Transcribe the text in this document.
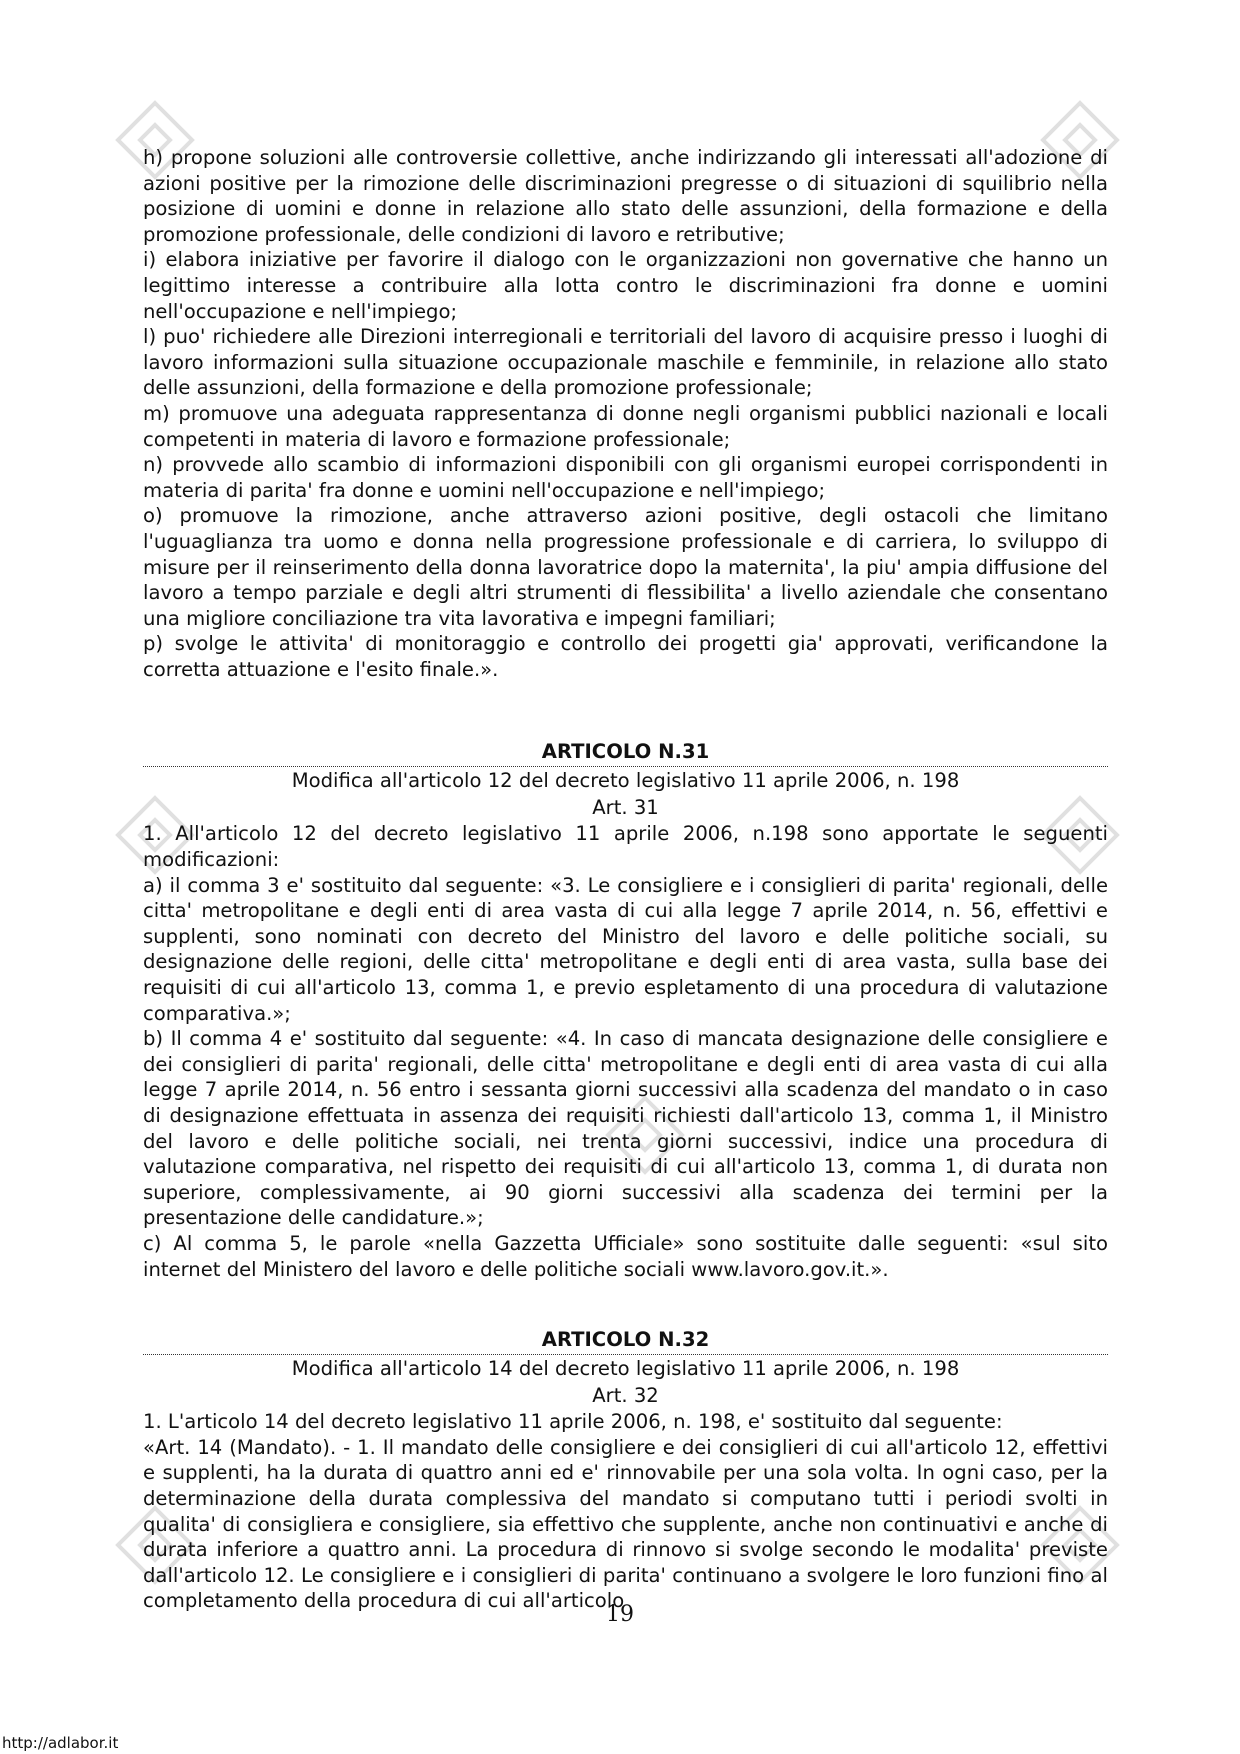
h) propone soluzioni alle controversie collettive, anche indirizzando gli interessati all'adozione di azioni positive per la rimozione delle discriminazioni pregresse o di situazioni di squilibrio nella posizione di uomini e donne in relazione allo stato delle assunzioni, della formazione e della promozione professionale, delle condizioni di lavoro e retributive;

i) elabora iniziative per favorire il dialogo con le organizzazioni non governative che hanno un legittimo interesse a contribuire alla lotta contro le discriminazioni fra donne e uomini nell'occupazione e nell'impiego;

l) puo' richiedere alle Direzioni interregionali e territoriali del lavoro di acquisire presso i luoghi di lavoro informazioni sulla situazione occupazionale maschile e femminile, in relazione allo stato delle assunzioni, della formazione e della promozione professionale;

m) promuove una adeguata rappresentanza di donne negli organismi pubblici nazionali e locali competenti in materia di lavoro e formazione professionale;

n) provvede allo scambio di informazioni disponibili con gli organismi europei corrispondenti in materia di parita' fra donne e uomini nell'occupazione e nell'impiego;

o) promuove la rimozione, anche attraverso azioni positive, degli ostacoli che limitano l'uguaglianza tra uomo e donna nella progressione professionale e di carriera, lo sviluppo di misure per il reinserimento della donna lavoratrice dopo la maternita', la piu' ampia diffusione del lavoro a tempo parziale e degli altri strumenti di flessibilita' a livello aziendale che consentano una migliore conciliazione tra vita lavorativa e impegni familiari;

p) svolge le attivita' di monitoraggio e controllo dei progetti gia' approvati, verificandone la corretta attuazione e l'esito finale.».

ARTICOLO N.31
Modifica all'articolo 12 del decreto legislativo 11 aprile 2006, n. 198
Art. 31

1. All'articolo 12 del decreto legislativo 11 aprile 2006, n.198 sono apportate le seguenti modificazioni:

a) il comma 3 e' sostituito dal seguente: «3. Le consigliere e i consiglieri di parita' regionali, delle citta' metropolitane e degli enti di area vasta di cui alla legge 7 aprile 2014, n. 56, effettivi e supplenti, sono nominati con decreto del Ministro del lavoro e delle politiche sociali, su designazione delle regioni, delle citta' metropolitane e degli enti di area vasta, sulla base dei requisiti di cui all'articolo 13, comma 1, e previo espletamento di una procedura di valutazione comparativa.»;

b) Il comma 4 e' sostituito dal seguente: «4. In caso di mancata designazione delle consigliere e dei consiglieri di parita' regionali, delle citta' metropolitane e degli enti di area vasta di cui alla legge 7 aprile 2014, n. 56 entro i sessanta giorni successivi alla scadenza del mandato o in caso di designazione effettuata in assenza dei requisiti richiesti dall'articolo 13, comma 1, il Ministro del lavoro e delle politiche sociali, nei trenta giorni successivi, indice una procedura di valutazione comparativa, nel rispetto dei requisiti di cui all'articolo 13, comma 1, di durata non superiore, complessivamente, ai 90 giorni successivi alla scadenza dei termini per la presentazione delle candidature.»;

c) Al comma 5, le parole «nella Gazzetta Ufficiale» sono sostituite dalle seguenti: «sul sito internet del Ministero del lavoro e delle politiche sociali www.lavoro.gov.it.».

ARTICOLO N.32
Modifica all'articolo 14 del decreto legislativo 11 aprile 2006, n. 198
Art. 32

1. L'articolo 14 del decreto legislativo 11 aprile 2006, n. 198, e' sostituito dal seguente:

«Art. 14 (Mandato). - 1. Il mandato delle consigliere e dei consiglieri di cui all'articolo 12, effettivi e supplenti, ha la durata di quattro anni ed e' rinnovabile per una sola volta. In ogni caso, per la determinazione della durata complessiva del mandato si computano tutti i periodi svolti in qualita' di consigliera e consigliere, sia effettivo che supplente, anche non continuativi e anche di durata inferiore a quattro anni. La procedura di rinnovo si svolge secondo le modalita' previste dall'articolo 12. Le consigliere e i consiglieri di parita' continuano a svolgere le loro funzioni fino al completamento della procedura di cui all'articolo

19
http://adlabor.it
